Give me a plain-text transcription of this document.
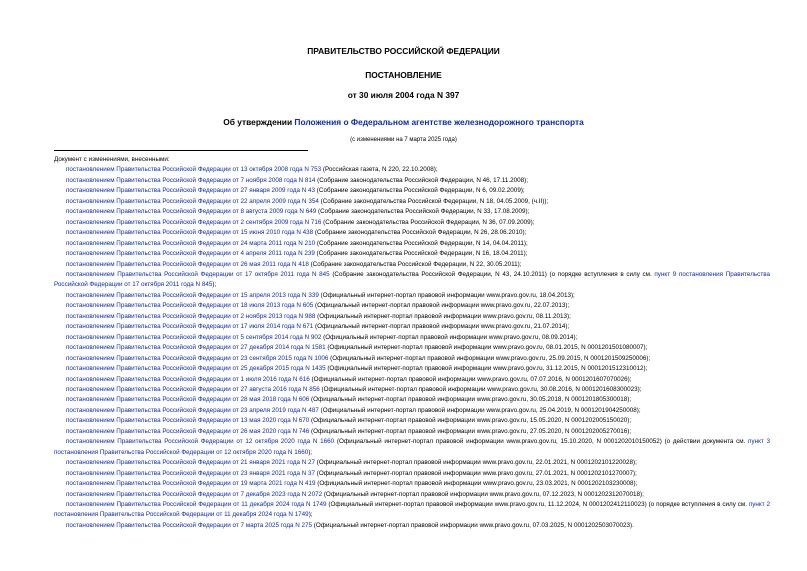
ПРАВИТЕЛЬСТВО РОССИЙСКОЙ ФЕДЕРАЦИИ
ПОСТАНОВЛЕНИЕ
от 30 июля 2004 года N 397
Об утверждении Положения о Федеральном агентстве железнодорожного транспорта
(с изменениями на 7 марта 2025 года)
Документ с изменениями, внесенными:
постановлением Правительства Российской Федерации от 13 октября 2008 года N 753 (Российская газета, N 220, 22.10.2008);
постановлением Правительства Российской Федерации от 7 ноября 2008 года N 814 (Собрание законодательства Российской Федерации, N 46, 17.11.2008);
постановлением Правительства Российской Федерации от 27 января 2009 года N 43 (Собрание законодательства Российской Федерации, N 6, 09.02.2009);
постановлением Правительства Российской Федерации от 22 апреля 2009 года N 354 (Собрание законодательства Российской Федерации, N 18, 04.05.2009, (ч.II));
постановлением Правительства Российской Федерации от 8 августа 2009 года N 649 (Собрание законодательства Российской Федерации, N 33, 17.08.2009);
постановлением Правительства Российской Федерации от 2 сентября 2009 года N 716 (Собрание законодательства Российской Федерации, N 36, 07.09.2009);
постановлением Правительства Российской Федерации от 15 июня 2010 года N 438 (Собрание законодательства Российской Федерации, N 26, 28.06.2010);
постановлением Правительства Российской Федерации от 24 марта 2011 года N 210 (Собрание законодательства Российской Федерации, N 14, 04.04.2011);
постановлением Правительства Российской Федерации от 4 апреля 2011 года N 239 (Собрание законодательства Российской Федерации, N 16, 18.04.2011);
постановлением Правительства Российской Федерации от 26 мая 2011 года N 418 (Собрание законодательства Российской Федерации, N 22, 30.05.2011);
постановлением Правительства Российской Федерации от 17 октября 2011 года N 845 (Собрание законодательства Российской Федерации, N 43, 24.10.2011) (о порядке вступления в силу см. пункт 9 постановления Правительства Российской Федерации от 17 октября 2011 года N 845);
постановлением Правительства Российской Федерации от 15 апреля 2013 года N 339 (Официальный интернет-портал правовой информации www.pravo.gov.ru, 18.04.2013);
постановлением Правительства Российской Федерации от 18 июля 2013 года N 605 (Официальный интернет-портал правовой информации www.pravo.gov.ru, 22.07.2013);
постановлением Правительства Российской Федерации от 2 ноября 2013 года N 988 (Официальный интернет-портал правовой информации www.pravo.gov.ru, 08.11.2013);
постановлением Правительства Российской Федерации от 17 июля 2014 года N 671 (Официальный интернет-портал правовой информации www.pravo.gov.ru, 21.07.2014);
постановлением Правительства Российской Федерации от 5 сентября 2014 года N 902 (Официальный интернет-портал правовой информации www.pravo.gov.ru, 08.09.2014);
постановлением Правительства Российской Федерации от 27 декабря 2014 года N 1581 (Официальный интернет-портал правовой информации www.pravo.gov.ru, 08.01.2015, N 0001201501080007);
постановлением Правительства Российской Федерации от 23 сентября 2015 года N 1006 (Официальный интернет-портал правовой информации www.pravo.gov.ru, 25.09.2015, N 0001201509250006);
постановлением Правительства Российской Федерации от 25 декабря 2015 года N 1435 (Официальный интернет-портал правовой информации www.pravo.gov.ru, 31.12.2015, N 0001201512310012);
постановлением Правительства Российской Федерации от 1 июля 2016 года N 616 (Официальный интернет-портал правовой информации www.pravo.gov.ru, 07.07.2016, N 0001201607070026);
постановлением Правительства Российской Федерации от 27 августа 2016 года N 856 (Официальный интернет-портал правовой информации www.pravo.gov.ru, 30.08.2016, N 0001201608300023);
постановлением Правительства Российской Федерации от 28 мая 2018 года N 606 (Официальный интернет-портал правовой информации www.pravo.gov.ru, 30.05.2018, N 0001201805300018);
постановлением Правительства Российской Федерации от 23 апреля 2019 года N 487 (Официальный интернет-портал правовой информации www.pravo.gov.ru, 25.04.2019, N 0001201904250008);
постановлением Правительства Российской Федерации от 13 мая 2020 года N 670 (Официальный интернет-портал правовой информации www.pravo.gov.ru, 15.05.2020, N 0001202005150020);
постановлением Правительства Российской Федерации от 26 мая 2020 года N 746 (Официальный интернет-портал правовой информации www.pravo.gov.ru, 27.05.2020, N 0001202005270016);
постановлением Правительства Российской Федерации от 12 октября 2020 года N 1660 (Официальный интернет-портал правовой информации www.pravo.gov.ru, 15.10.2020, N 0001202010150052) (о действии документа см. пункт 3 постановления Правительства Российской Федерации от 12 октября 2020 года N 1660);
постановлением Правительства Российской Федерации от 21 января 2021 года N 27 (Официальный интернет-портал правовой информации www.pravo.gov.ru, 22.01.2021, N 0001202101220028);
постановлением Правительства Российской Федерации от 23 января 2021 года N 37 (Официальный интернет-портал правовой информации www.pravo.gov.ru, 27.01.2021, N 0001202101270007);
постановлением Правительства Российской Федерации от 19 марта 2021 года N 419 (Официальный интернет-портал правовой информации www.pravo.gov.ru, 23.03.2021, N 0001202103230008);
постановлением Правительства Российской Федерации от 7 декабря 2023 года N 2072 (Официальный интернет-портал правовой информации www.pravo.gov.ru, 07.12.2023, N 0001202312070018);
постановлением Правительства Российской Федерации от 11 декабря 2024 года N 1749 (Официальный интернет-портал правовой информации www.pravo.gov.ru, 11.12.2024, N 0001202412110023) (о порядке вступления в силу см. пункт 2 постановления Правительства Российской Федерации от 11 декабря 2024 года N 1749);
постановлением Правительства Российской Федерации от 7 марта 2025 года N 275 (Официальный интернет-портал правовой информации www.pravo.gov.ru, 07.03.2025, N 0001202503070023).
